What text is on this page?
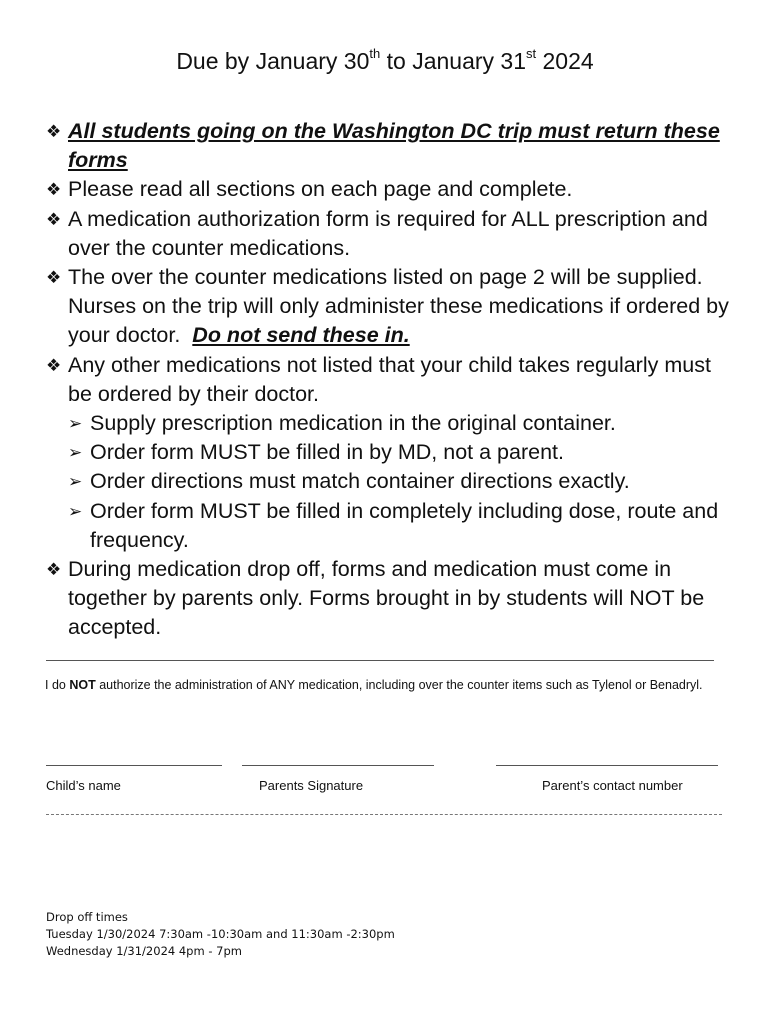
Due by January 30th to January 31st 2024

❖ All students going on the Washington DC trip must return these forms

❖ Please read all sections on each page and complete.

❖ A medication authorization form is required for ALL prescription and over the counter medications.

❖ The over the counter medications listed on page 2 will be supplied. Nurses on the trip will only administer these medications if ordered by your doctor. Do not send these in.

❖ Any other medications not listed that your child takes regularly must be ordered by their doctor.

➢ Supply prescription medication in the original container.

➢ Order form MUST be filled in by MD, not a parent.

➢ Order directions must match container directions exactly.

➢ Order form MUST be filled in completely including dose, route and frequency.

❖ During medication drop off, forms and medication must come in together by parents only. Forms brought in by students will NOT be accepted.

I do NOT authorize the administration of ANY medication, including over the counter items such as Tylenol or Benadryl.
Child’s name	Parents Signature	Parent’s contact number
Drop off times
Tuesday 1/30/2024 7:30am -10:30am and 11:30am -2:30pm
Wednesday 1/31/2024 4pm - 7pm
